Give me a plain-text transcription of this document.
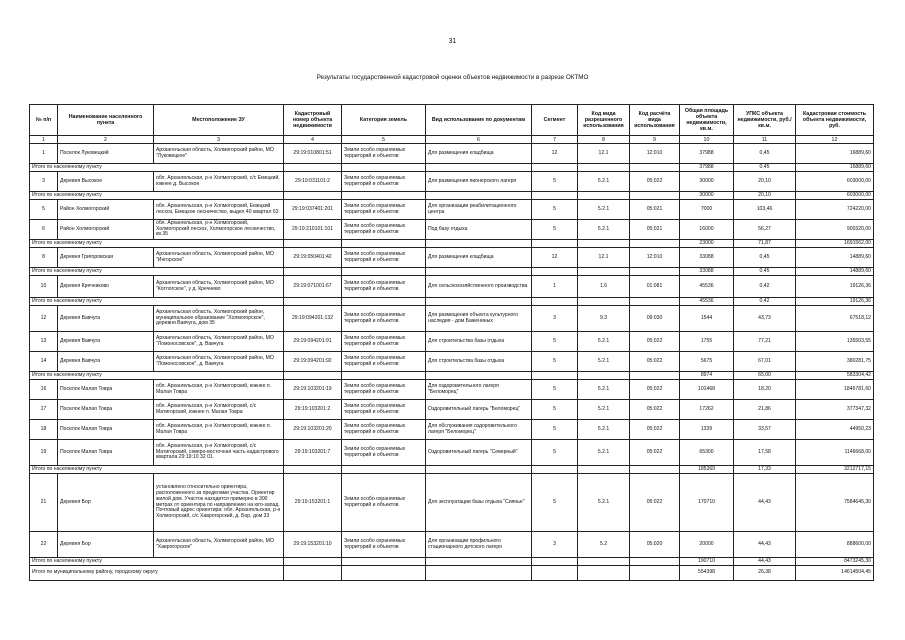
31
Результаты государственной кадастровой оценки объектов недвижимости в разрезе ОКТМО
№ п/п	Наименование населенного пункта	Местоположение ЗУ	Кадастровый номер объекта недвижимости	Категория земель	Вид использование по документам	Сегмент	Код вида разрешенного использования	Код расчёта вида использования	Общая площадь объекта недвижимости, кв.м.	УПКС объекта недвижимости, руб./кв.м.	Кадастровая стоимость объекта недвижимости, руб.
1	2	3	4	5	6	7	8	9	10	11	12
1	Поселок Луковецкий	Архангельская область, Холмогорский район, МО "Луковецкое"	29:19:010801:51	Земли особо охраняемых территорий и объектов	Для размещения кладбища	12	12.1	12:010	37988	0,45	16889,60
Итого по населенному пункту									37988	0,45	16889,60
3	Деревня Высокое	обл. Архангельская, р-н Холмогорский, с/с Емецкий, южнее д. Высокое	29:19:031101:2	Земли особо охраняемых территорий и объектов	Для размещения пионерского лагеря	5	5.2.1	05:022	30000	20,10	603000,00
Итого по населенному пункту									30000	20,10	603000,00
5	Район Холмогорский	обл. Архангельская, р-н Холмогорский, Емецкий лесхоз, Емецкое лесничество, выдел 40 квартал 63	29:19:037401:201	Земли особо охраняемых территорий и объектов	Для организации реабилитационного центра	5	5.2.1	05:021	7000	103,46	724220,00
6	Район Холмогорский	обл. Архангельская, р-н Холмогорский, Холмогорский лесхоз, Холмогорское лесничество, кв.35	29:19:210101:101	Земли особо охраняемых территорий и объектов	Под базу отдыха	5	5.2.1	05:021	16000	56,27	900320,00
Итого по населенному пункту									23000	71,87	1691562,00
8	Деревня Григоровская	Архангельская область, Холмогорский район, МО "Ингорское"	29:19:050401:42	Земли особо охраняемых территорий и объектов	Для размещения кладбища	12	12.1	12:010	33088	0,45	14889,60
Итого по населенному пункту									33088	0,45	14889,60
10	Деревня Кречниково	Архангельская область, Холмогорский район, МО "Котлогское", у д. Кречнево	29:19:071001:67	Земли особо охраняемых территорий и объектов	Для сельскохозяйственного производства	1	1.6	01:081	45536	0,42	19126,36
Итого по населенному пункту									45536	0,42	19126,36
12	Деревня Вавчуга	Архангельская область, Холмогорский район, муниципальное образование "Холмогорское", деревня Вавчуга, дом 35	29:19:094201:132	Земли особо охраняемых территорий и объектов	Для размещения объекта культурного наследия - дом Бажениных	3	9.3	09:030	1544	43,73	67518,12
13	Деревня Вавчуга	Архангельская область, Холмогорский район, МО "Ломоносовское", д. Вавчуга	29:19:094201:91	Земли особо охраняемых территорий и объектов	Для строительства базы отдыха	5	5.2.1	05:022	1755	77,21	135503,55
14	Деревня Вавчуга	Архангельская область, Холмогорский район, МО "Ломоносовское", д. Вавчуга	29:19:094201:92	Земли особо охраняемых территорий и объектов	Для строительства базы отдыха	5	5.2.1	05:022	5675	67,01	380281,75
Итого по населенному пункту									8974	65,00	583304,42
16	Поселок Малая Товра	обл. Архангельская, р-н Холмогорский, южнее п. Малая Товра	29:19:103201:19	Земли особо охраняемых территорий и объектов	Для оздоровительного лагеря "Беломорец"	5	5.2.1	05:022	101468	18,20	1846781,60
17	Поселок Малая Товра	обл. Архангельская, р-н Холмогорский, с/с Матигорский, южнее п. Малая Товра	29:19:103201:2	Земли особо охраняемых территорий и объектов	Оздоровительный лагерь "Беломорец"	5	5.2.1	05:022	17262	21,86	377347,32
18	Поселок Малая Товра	обл. Архангельская, р-н Холмогорский, южнее п. Малая Товра	29:19:103201:20	Земли особо охраняемых территорий и объектов	Для обслуживания оздоровительного лагеря "Беломорец"	5	5.2.1	05:022	1339	33,57	44950,23
19	Поселок Малая Товра	обл. Архангельская, р-н Холмогорский, с/с Матигорский, северо-восточная часть кадастрового квартала 29:19:10 32 01.	29:19:103201:7	Земли особо охраняемых территорий и объектов	Оздоровительный лагерь "Северный"	5	5.2.1	05:022	65300	17,58	1146668,00
Итого по населенному пункту									185369	17,33	3212717,15
21	Деревня Бор	установлено относительно ориентира, расположенного за пределами участка. Ориентир жилой дом. Участок находится примерно в 300 метрах от ориентира по направлению на юго-запад. Почтовый адрес ориентира: обл. Архангельская, р-н Холмогорский, с/с Хаврогорский, д. Бор, дом 33	29:19:153201:1	Земли особо охраняемых территорий и объектов	Для эксплуатации базы отдыха "Сиянье"	5	5.2.1	05:022	170710	44,43	7584645,30
22	Деревня Бор	Архангельская область, Холмогорский район, МО "Хаврогорское"	29:19:153201:10	Земли особо охраняемых территорий и объектов	Для организации профильного стационарного детского лагеря	3	5.2	05:020	20000	44,43	888600,00
Итого по населенному пункту									190710	44,43	8473245,30
Итого по муниципальному району, городскому округу									554398	26,38	14614504,45
